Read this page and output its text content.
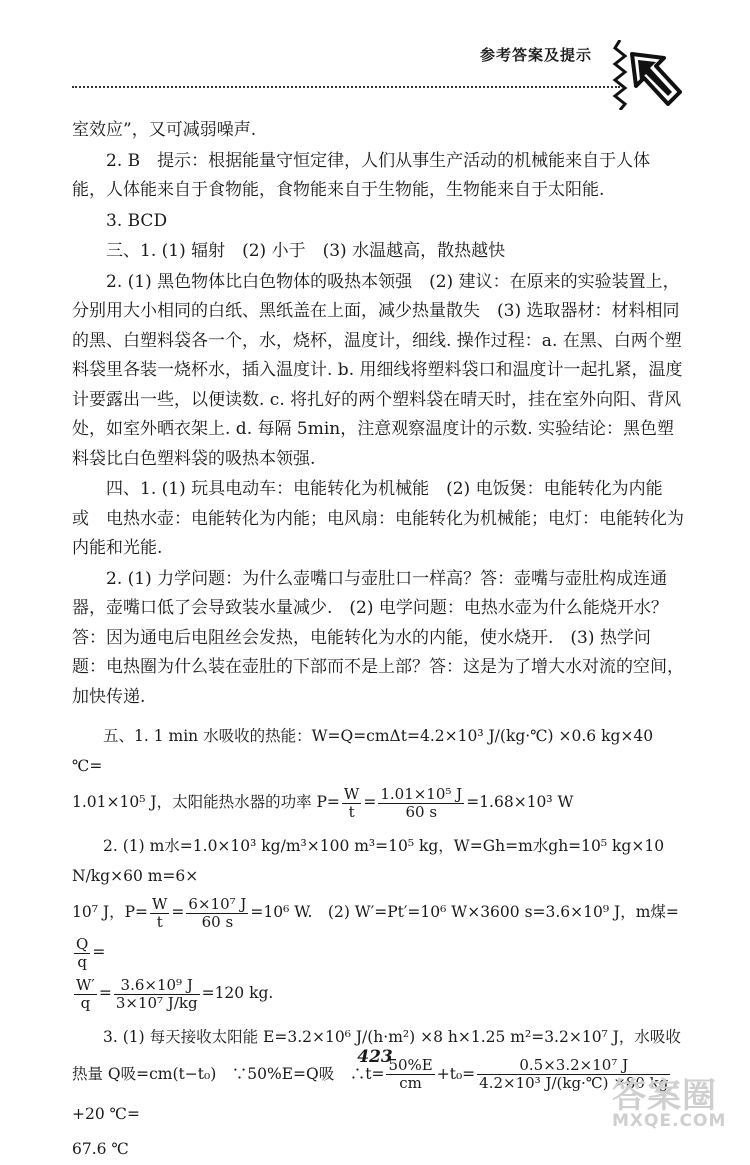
参考答案及提示

室效应”，又可减弱噪声.

2. B　提示：根据能量守恒定律，人们从事生产活动的机械能来自于人体能，人体能来自于食物能，食物能来自于生物能，生物能来自于太阳能.

3. BCD

三、1. (1) 辐射　(2) 小于　(3) 水温越高，散热越快

2. (1) 黑色物体比白色物体的吸热本领强　(2) 建议：在原来的实验装置上，分别用大小相同的白纸、黑纸盖在上面，减少热量散失　(3) 选取器材：材料相同的黑、白塑料袋各一个，水，烧杯，温度计，细线. 操作过程：a. 在黑、白两个塑料袋里各装一烧杯水，插入温度计. b. 用细线将塑料袋口和温度计一起扎紧，温度计要露出一些，以便读数. c. 将扎好的两个塑料袋在晴天时，挂在室外向阳、背风处，如室外晒衣架上. d. 每隔 5min，注意观察温度计的示数. 实验结论：黑色塑料袋比白色塑料袋的吸热本领强.

四、1. (1) 玩具电动车：电能转化为机械能　(2) 电饭煲：电能转化为内能　或　电热水壶：电能转化为内能；电风扇：电能转化为机械能；电灯：电能转化为内能和光能.

2. (1) 力学问题：为什么壶嘴口与壶肚口一样高？答：壶嘴与壶肚构成连通器，壶嘴口低了会导致装水量减少.　(2) 电学问题：电热水壶为什么能烧开水？答：因为通电后电阻丝会发热，电能转化为水的内能，使水烧开.　(3) 热学问题：电热圈为什么装在壶肚的下部而不是上部？答：这是为了增大水对流的空间，加快传递.

五、1. 1 min 水吸收的热能：W=Q=cmΔt=4.2×10³ J/(kg·℃) ×0.6 kg×40 ℃=

1.01×10⁵ J，太阳能热水器的功率 $P= \frac{W}{t} = \frac{\text{1.01×10⁵ J}}{60 s} =1.68\times 10^3$ W

2. (1) m水=1.0×10³ kg/m³×100 m³=10⁵ kg，W=Gh=m水gh=10⁵ kg×10 N/kg×60 m=6×

10⁷ J，$P= \frac{W}{t} = \frac{\text{6×10⁷ J}}{60 s} =10^6$ W.　(2) W′=Pt′=10⁶ W×3600 s=3.6×10⁹ J，m煤=
$\frac{Q}{q}$ =

$\frac{W'}{q} = \frac{\text{3.6×10⁹ J}}{\text{3×10⁷ J/kg}} =120$ kg.

3. (1) 每天接收太阳能 E=3.2×10⁶ J/(h·m²) ×8 h×1.25 m²=3.2×10⁷ J，水吸收

热量 Q吸=cm(t−t₀)　∵50%E=Q吸　∴t= $\frac{50\%E}{cm} +t_0= \frac{\text{0.5×3.2×10⁷ J}}{\text{4.2×10³ J/(kg·℃) ×80 kg}}$
+20 ℃=

67.6 ℃

423
答案圈
MXQE.COM
